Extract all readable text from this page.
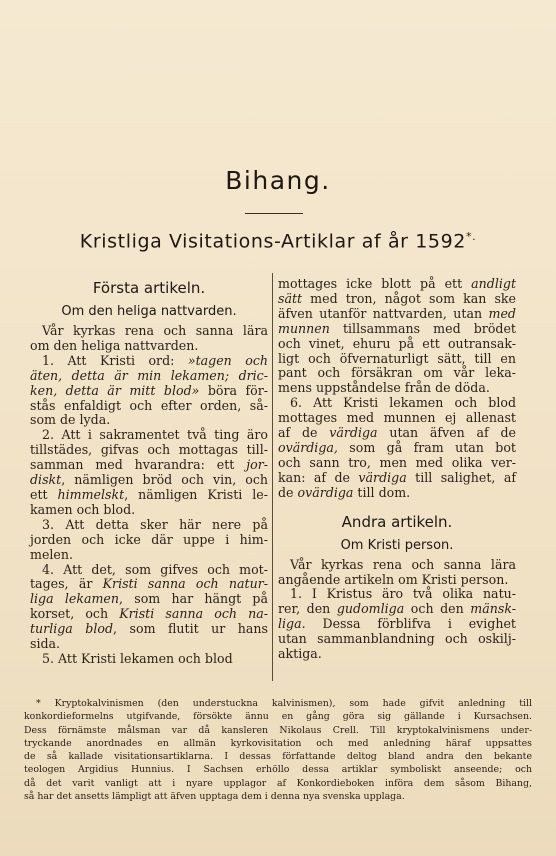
Bihang.
Kristliga Visitations-Artiklar af år 1592*.
Första artikeln.
Om den heliga nattvarden.
Vår kyrkas rena och sanna lära
om den heliga nattvarden.
1. Att Kristi ord: »tagen och
äten, detta är min lekamen; dric-
ken, detta är mitt blod» böra för-
stås enfaldigt och efter orden, så-
som de lyda.
2. Att i sakramentet två ting äro
tillstädes, gifvas och mottagas till-
samman med hvarandra: ett jor-
diskt, nämligen bröd och vin, och
ett himmelskt, nämligen Kristi le-
kamen och blod.
3. Att detta sker här nere på
jorden och icke där uppe i him-
melen.
4. Att det, som gifves och mot-
tages, är Kristi sanna och natur-
liga lekamen, som har hängt på
korset, och Kristi sanna och na-
turliga blod, som flutit ur hans
sida.
5. Att Kristi lekamen och blod
mottages icke blott på ett andligt
sätt med tron, något som kan ske
äfven utanför nattvarden, utan med
munnen tillsammans med brödet
och vinet, ehuru på ett outransak-
ligt och öfvernaturligt sätt, till en
pant och försäkran om vår leka-
mens uppståndelse från de döda.
6. Att Kristi lekamen och blod
mottages med munnen ej allenast
af de värdiga utan äfven af de
ovärdiga, som gå fram utan bot
och sann tro, men med olika ver-
kan: af de värdiga till salighet, af
de ovärdiga till dom.
Andra artikeln.
Om Kristi person.
Vår kyrkas rena och sanna lära
angående artikeln om Kristi person.
1. I Kristus äro två olika natu-
rer, den gudomliga och den mänsk-
liga. Dessa förblifva i evighet
utan sammanblandning och oskilj-
aktiga.
* Kryptokalvinismen (den understuckna kalvinismen), som hade gifvit anledning till
konkordieformelns utgifvande, försökte ännu en gång göra sig gällande i Kursachsen.
Dess förnämste målsman var då kansleren Nikolaus Crell. Till kryptokalvinismens under-
tryckande anordnades en allmän kyrkovisitation och med anledning häraf uppsattes
de så kallade visitationsartiklarna. I dessas författande deltog bland andra den bekante
teologen Argidius Hunnius. I Sachsen erhöllo dessa artiklar symboliskt anseende; och
då det varit vanligt att i nyare upplagor af Konkordieboken införa dem såsom Bihang,
så har det ansetts lämpligt att äfven upptaga dem i denna nya svenska upplaga.
